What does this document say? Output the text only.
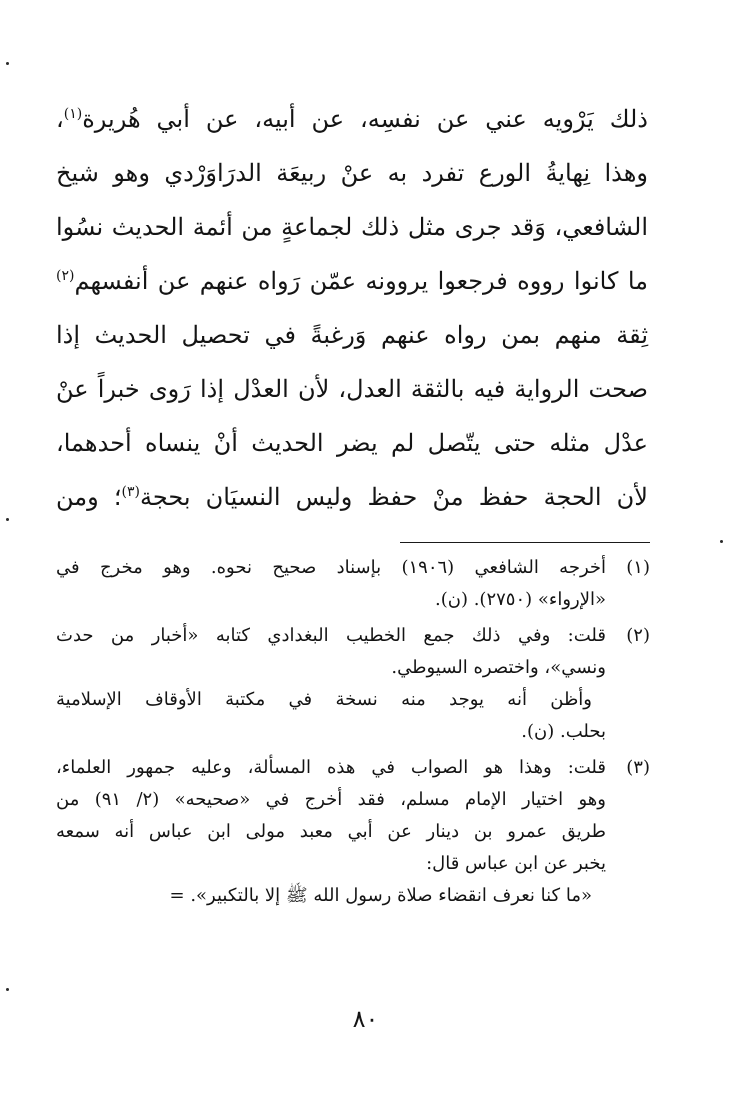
ذلك يَرْويه عني عن نفسِه، عن أبيه، عن أبي هُريرة$^{(١)}$،
وهذا نِهايةُ الورع تفرد به عنْ ربيعَة الدرَاوَرْدي وهو شيخ
الشافعي، وَقد جرى مثل ذلك لجماعةٍ من أئمة الحديث نسُوا
ما كانوا رووه فرجعوا يروونه عمّن رَواه عنهم عن أنفسهم$^{(٢)}$
ثِقة منهم بمن رواه عنهم وَرغبةً في تحصيل الحديث إذا
صحت الرواية فيه بالثقة العدل، لأن العدْل إذا رَوى خبراً عنْ
عدْل مثله حتى يتّصل لم يضر الحديث أنْ ينساه أحدهما،
لأن الحجة حفظ منْ حفظ وليس النسيَان بحجة$^{(٣)}$؛ ومن
(١)
أخرجه الشافعي (١٩٠٦) بإسناد صحيح نحوه. وهو مخرج في
«الإرواء» (٢٧٥٠). (ن).
(٢)
قلت: وفي ذلك جمع الخطيب البغدادي كتابه «أخبار من حدث
ونسي»، واختصره السيوطي.
وأظن أنه يوجد منه نسخة في مكتبة الأوقاف الإسلامية
بحلب. (ن).
(٣)
قلت: وهذا هو الصواب في هذه المسألة، وعليه جمهور العلماء،
وهو اختيار الإمام مسلم، فقد أخرج في «صحيحه» (٢/ ٩١) من
طريق عمرو بن دينار عن أبي معبد مولى ابن عباس أنه سمعه
يخبر عن ابن عباس قال:
«ما كنا نعرف انقضاء صلاة رسول الله ﷺ إلا بالتكبير». =
٨٠
